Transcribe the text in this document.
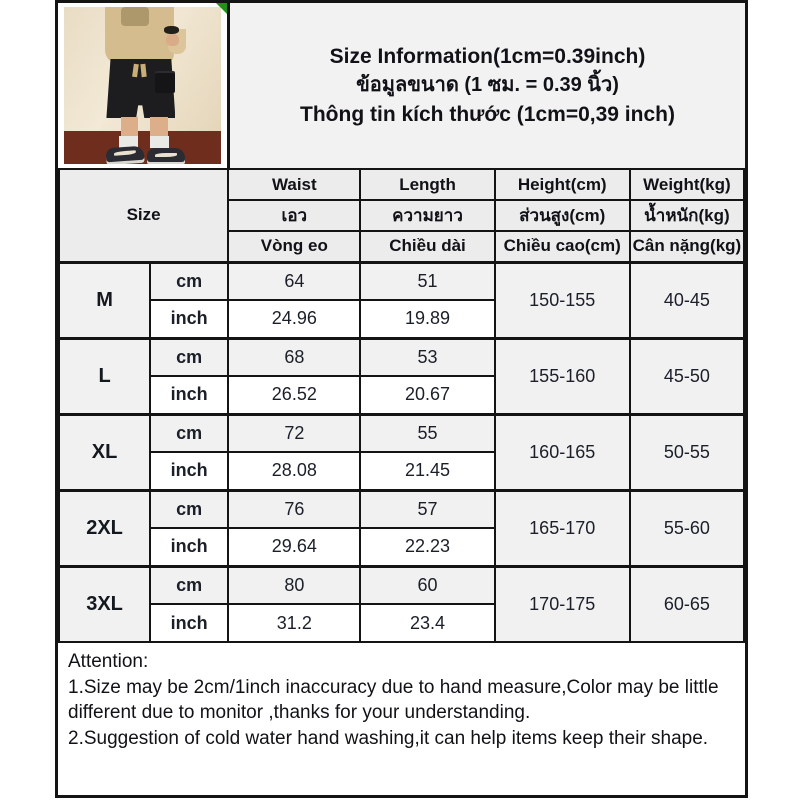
Size Information(1cm=0.39inch)
ข้อมูลขนาด (1 ซม. = 0.39 นิ้ว)
Thông tin kích thước (1cm=0,39 inch)
Size		Waist	Length	Height(cm)	Weight(kg)
		เอว	ความยาว	ส่วนสูง(cm)	น้ำหนัก(kg)
		Vòng eo	Chiều dài	Chiều cao(cm)	Cân nặng(kg)
M	cm	64	51	150-155	40-45
	inch	24.96	19.89		
L	cm	68	53	155-160	45-50
	inch	26.52	20.67		
XL	cm	72	55	160-165	50-55
	inch	28.08	21.45		
2XL	cm	76	57	165-170	55-60
	inch	29.64	22.23		
3XL	cm	80	60	170-175	60-65
	inch	31.2	23.4		
Attention:
1.Size may be 2cm/1inch inaccuracy due to hand measure,Color may be little different due to monitor ,thanks for your understanding.
2.Suggestion of cold water hand washing,it can help items keep their shape.
